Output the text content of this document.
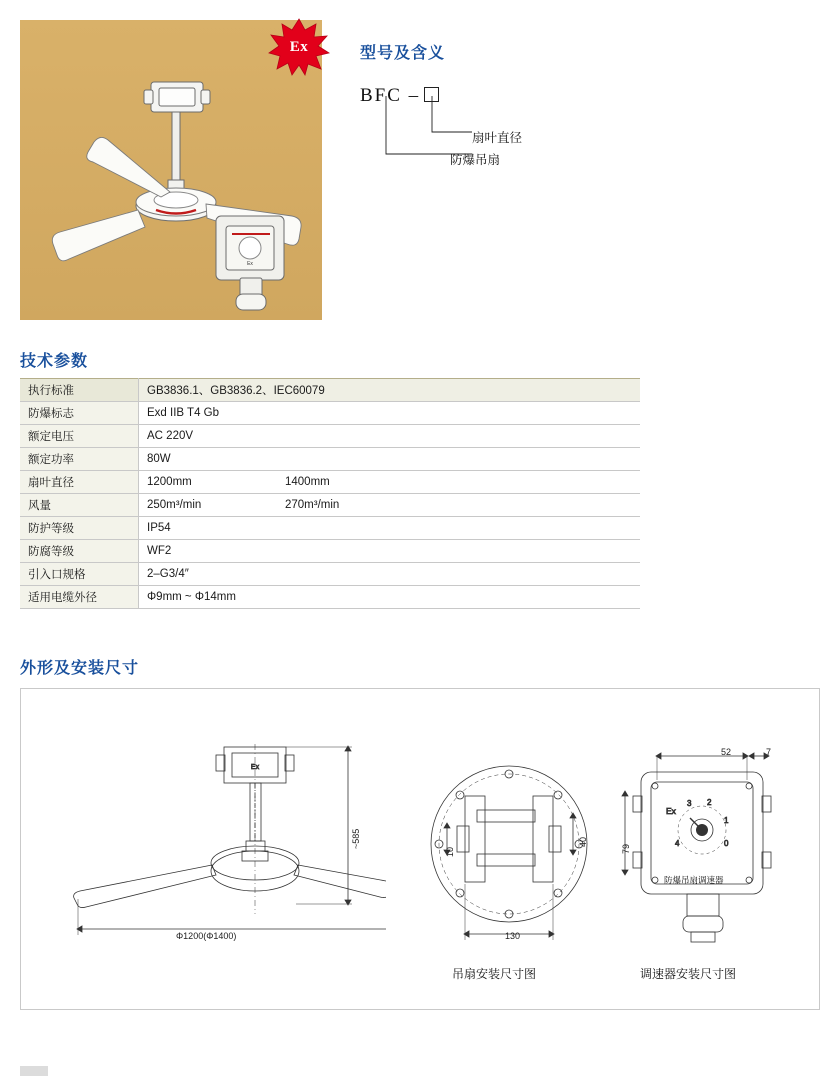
Ex
Ex	型号及含义
BFC –
扇叶直径
防爆吊扇
技术参数
执行标准	GB3836.1、GB3836.2、IEC60079	
防爆标志	Exd IIB T4 Gb	
额定电压	AC 220V	
额定功率	80W	
扇叶直径	1200mm	1400mm
风量	250m³/min	270m³/min
防护等级	IP54	
防腐等级	WF2	
引入口规格	2–G3/4″	
适用电缆外径	Φ9mm ~ Φ14mm	
外形及安装尺寸
Ex
~585
Φ1200(Φ1400)	130
40
10
3 2
1
0
4
Ex
52	7
79
防爆吊扇调速器
吊扇安装尺寸图	调速器安装尺寸图
